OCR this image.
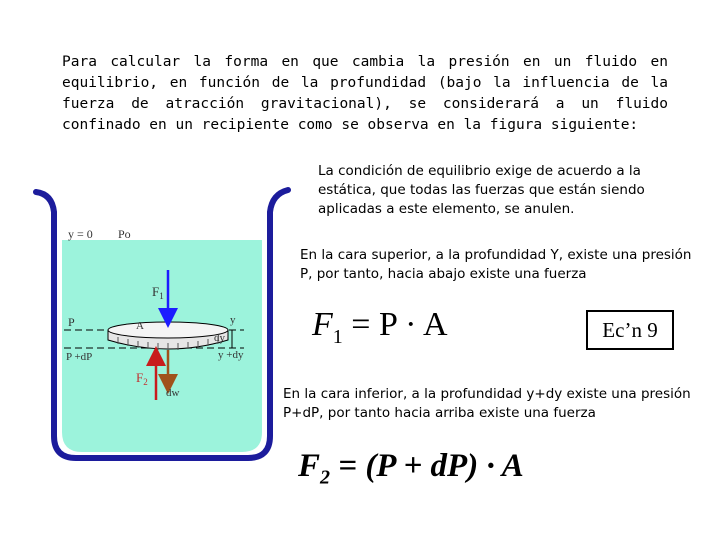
Para calcular la forma en que cambia la presión en un fluido en equilibrio, en función de la profundidad (bajo la influencia de la fuerza de atracción gravitacional), se considerará a un fluido confinado en un recipiente como se observa en la figura siguiente:
y = 0 Po
$F_1$
P	A	y
dy
P +dP	y +dy
$F_2$
dw
La condición de equilibrio exige de acuerdo a la estática, que todas las fuerzas que están siendo aplicadas a este elemento, se anulen.
En la cara superior, a la profundidad Y, existe una presión P, por tanto, hacia abajo existe una fuerza
$F_1 = P \cdot A$	Ec’n 9
En la cara inferior, a la profundidad y+dy existe una presión P+dP, por tanto hacia arriba existe una fuerza
$F_2 = (P + dP) \cdot A$
